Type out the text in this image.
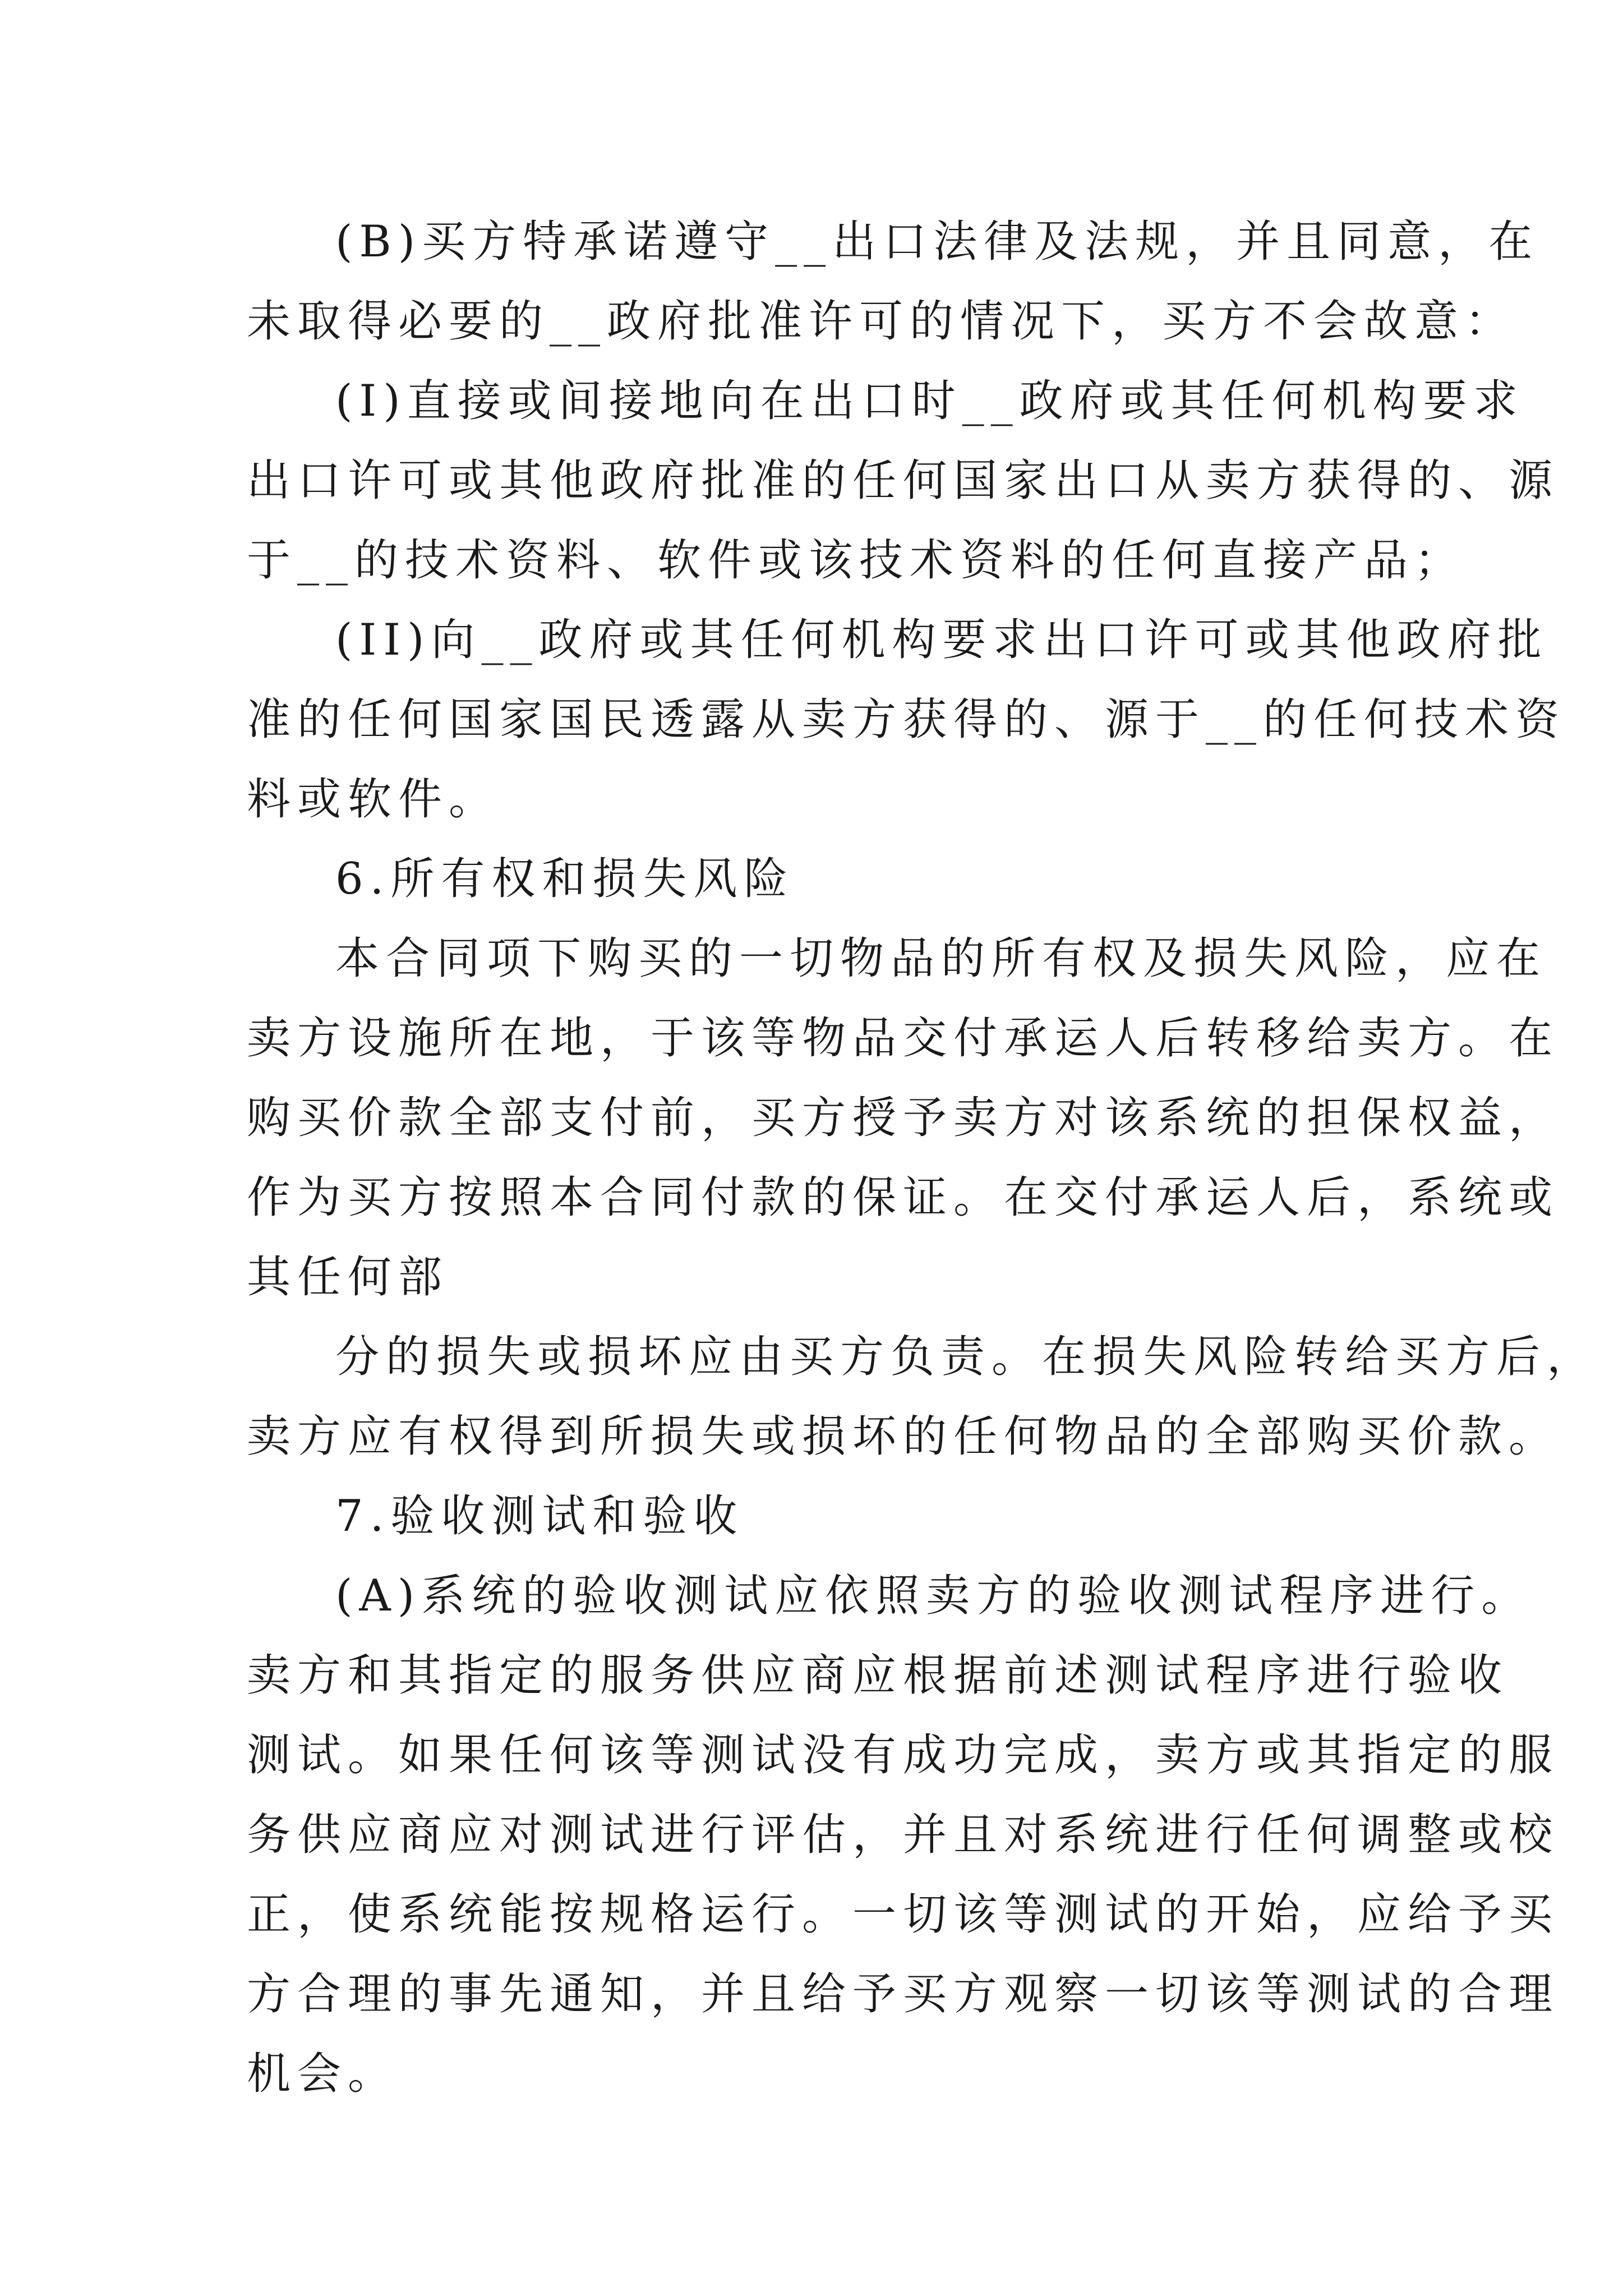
(B)买方特承诺遵守__出口法律及法规，并且同意，在
未取得必要的__政府批准许可的情况下，买方不会故意：
(I)直接或间接地向在出口时__政府或其任何机构要求
出口许可或其他政府批准的任何国家出口从卖方获得的、源
于__的技术资料、软件或该技术资料的任何直接产品；
(II)向__政府或其任何机构要求出口许可或其他政府批
准的任何国家国民透露从卖方获得的、源于__的任何技术资
料或软件。
6.所有权和损失风险
本合同项下购买的一切物品的所有权及损失风险，应在
卖方设施所在地，于该等物品交付承运人后转移给卖方。在
购买价款全部支付前，买方授予卖方对该系统的担保权益，
作为买方按照本合同付款的保证。在交付承运人后，系统或
其任何部
分的损失或损坏应由买方负责。在损失风险转给买方后，
卖方应有权得到所损失或损坏的任何物品的全部购买价款。
7.验收测试和验收
(A)系统的验收测试应依照卖方的验收测试程序进行。
卖方和其指定的服务供应商应根据前述测试程序进行验收
测试。如果任何该等测试没有成功完成，卖方或其指定的服
务供应商应对测试进行评估，并且对系统进行任何调整或校
正，使系统能按规格运行。一切该等测试的开始，应给予买
方合理的事先通知，并且给予买方观察一切该等测试的合理
机会。
